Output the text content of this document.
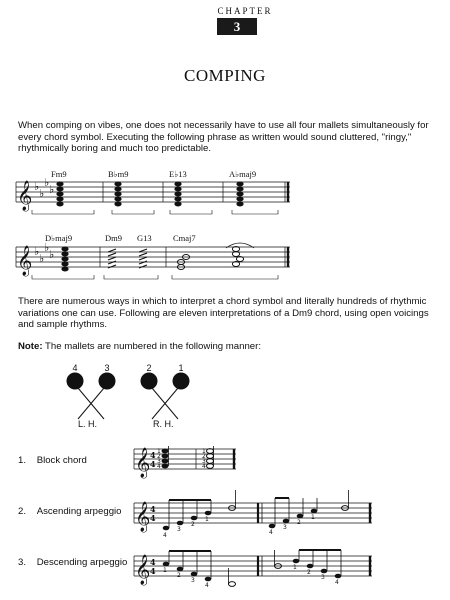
CHAPTER
3
COMPING
When comping on vibes, one does not necessarily have to use all four mallets simultaneously for every chord symbol. Executing the following phrase as written would sound cluttered, "ringy," rhythmically boring and much too predictable.
Fm9	B♭m9	E♭13	A♭maj9
𝄞 ♭
♭
♭
♭
D♭maj9	Dm9 G13	Cmaj7
𝄞 ♭
♭
♭
♭
There are numerous ways in which to interpret a chord symbol and literally hundreds of rhythmic variations one can use. Following are eleven interpretations of a Dm9 chord, using open voicings and sample rhythms.
Note: The mallets are numbered in the following manner:
4	3	2	1
L. H.	R. H.
1. Block chord 𝄞 4
4
1
2
3
4
1
2
3
4
2. Ascending arpeggio 𝄞 4
4
4
3
2
1
4
3
2
1
3. Descending arpeggio 𝄞 4
4 1
2
3
4
1
2
3
4
